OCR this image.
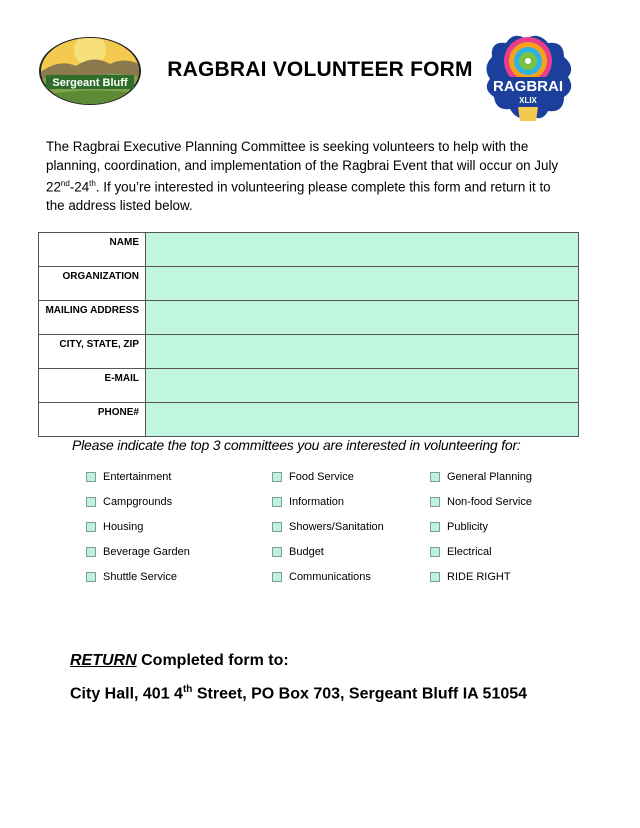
Sergeant Bluff
RAGBRAI VOLUNTEER FORM
RAGBRAI
XLIX

The Ragbrai Executive Planning Committee is seeking volunteers to help with the planning, coordination, and implementation of the Ragbrai Event that will occur on July 22nd-24th. If you’re interested in volunteering please complete this form and return it to the address listed below.

NAME	
ORGANIZATION	
MAILING ADDRESS	
CITY, STATE, ZIP	
E-MAIL	
PHONE#	
Please indicate the top 3 committees you are interested in volunteering for:
Entertainment
Campgrounds
Housing
Beverage Garden
Shuttle Service
Food Service
Information
Showers/Sanitation
Budget
Communications
General Planning
Non-food Service
Publicity
Electrical
RIDE RIGHT
RETURN Completed form to:
City Hall, 401 4th Street, PO Box 703, Sergeant Bluff IA 51054
